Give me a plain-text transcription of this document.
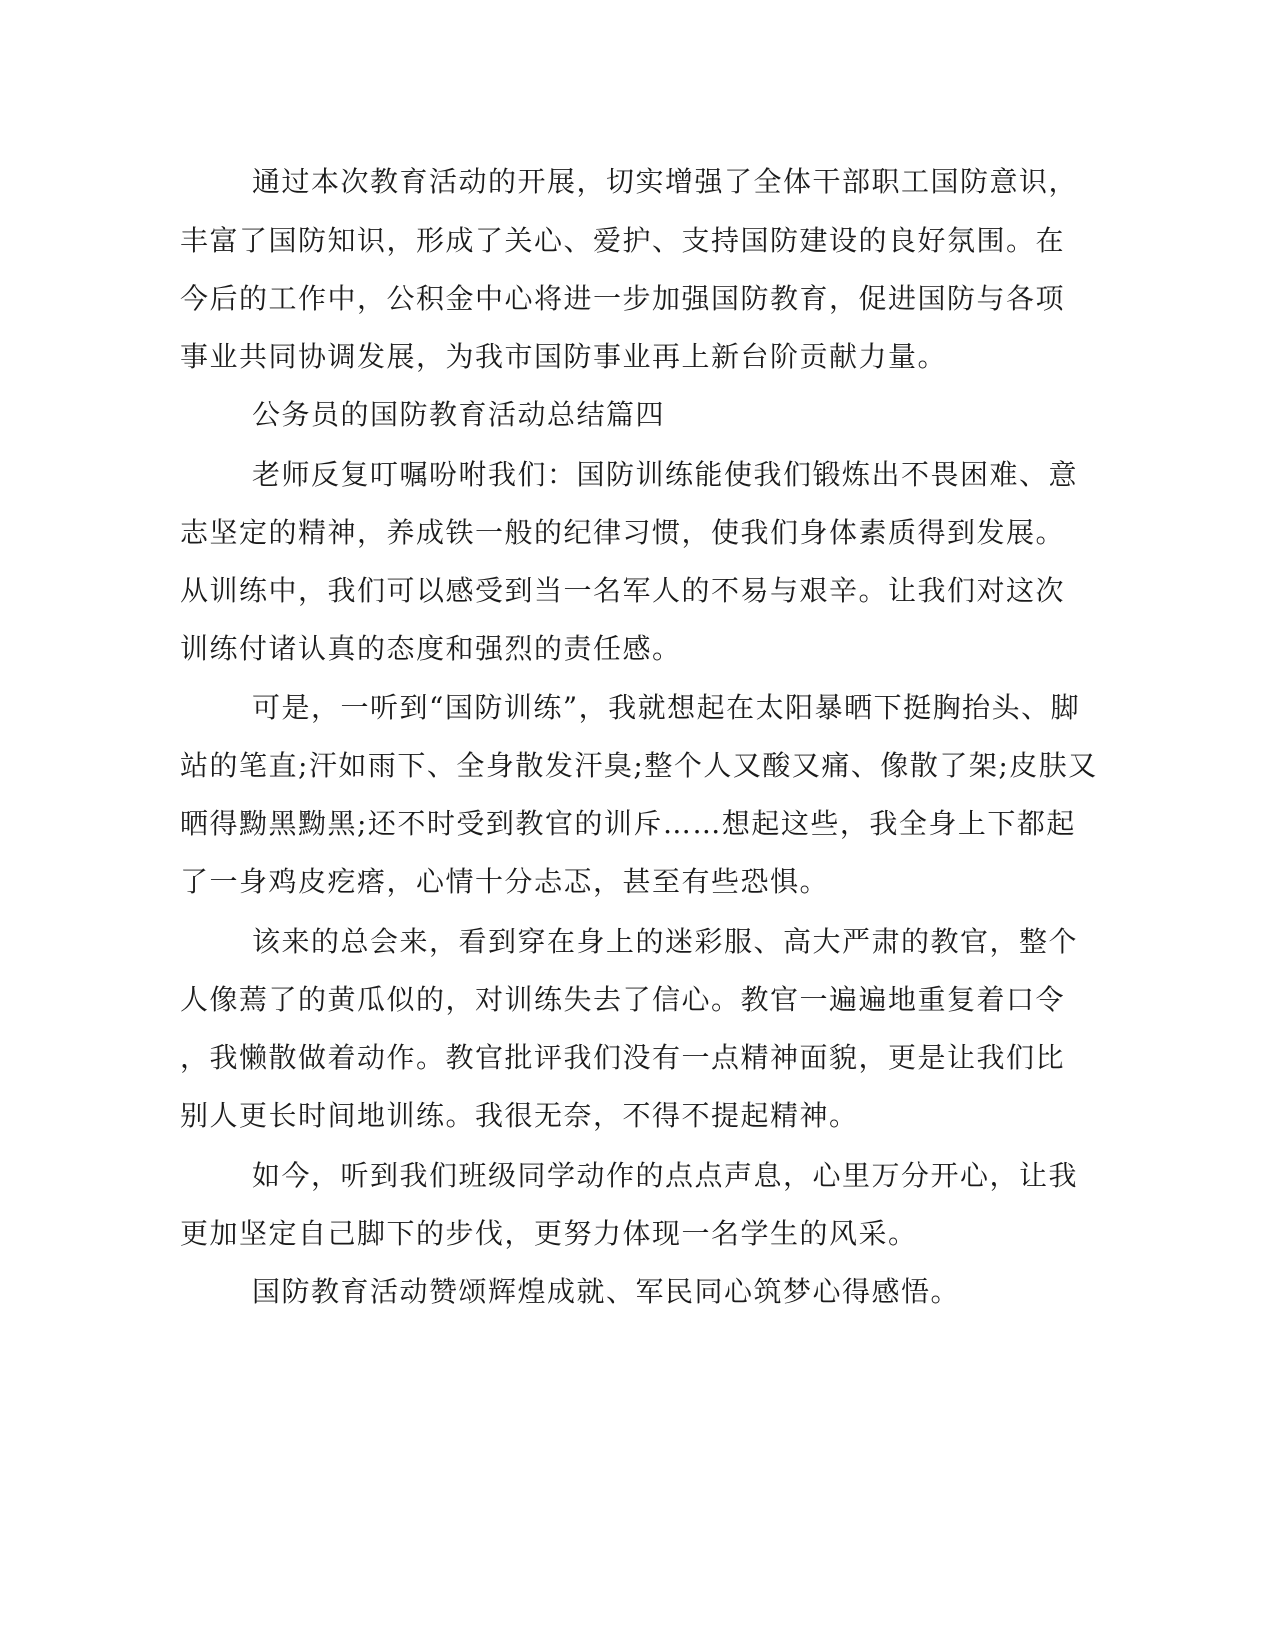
通过本次教育活动的开展，切实增强了全体干部职工国防意识，
丰富了国防知识，形成了关心、爱护、支持国防建设的良好氛围。在
今后的工作中，公积金中心将进一步加强国防教育，促进国防与各项
事业共同协调发展，为我市国防事业再上新台阶贡献力量。
公务员的国防教育活动总结篇四
老师反复叮嘱吩咐我们：国防训练能使我们锻炼出不畏困难、意
志坚定的精神，养成铁一般的纪律习惯，使我们身体素质得到发展。
从训练中，我们可以感受到当一名军人的不易与艰辛。让我们对这次
训练付诸认真的态度和强烈的责任感。
可是，一听到“国防训练”，我就想起在太阳暴晒下挺胸抬头、脚
站的笔直;汗如雨下、全身散发汗臭;整个人又酸又痛、像散了架;皮肤又
晒得黝黑黝黑;还不时受到教官的训斥……想起这些，我全身上下都起
了一身鸡皮疙瘩，心情十分忐忑，甚至有些恐惧。
该来的总会来，看到穿在身上的迷彩服、高大严肃的教官，整个
人像蔫了的黄瓜似的，对训练失去了信心。教官一遍遍地重复着口令
，我懒散做着动作。教官批评我们没有一点精神面貌，更是让我们比
别人更长时间地训练。我很无奈，不得不提起精神。
如今，听到我们班级同学动作的点点声息，心里万分开心，让我
更加坚定自己脚下的步伐，更努力体现一名学生的风采。
国防教育活动赞颂辉煌成就、军民同心筑梦心得感悟。
